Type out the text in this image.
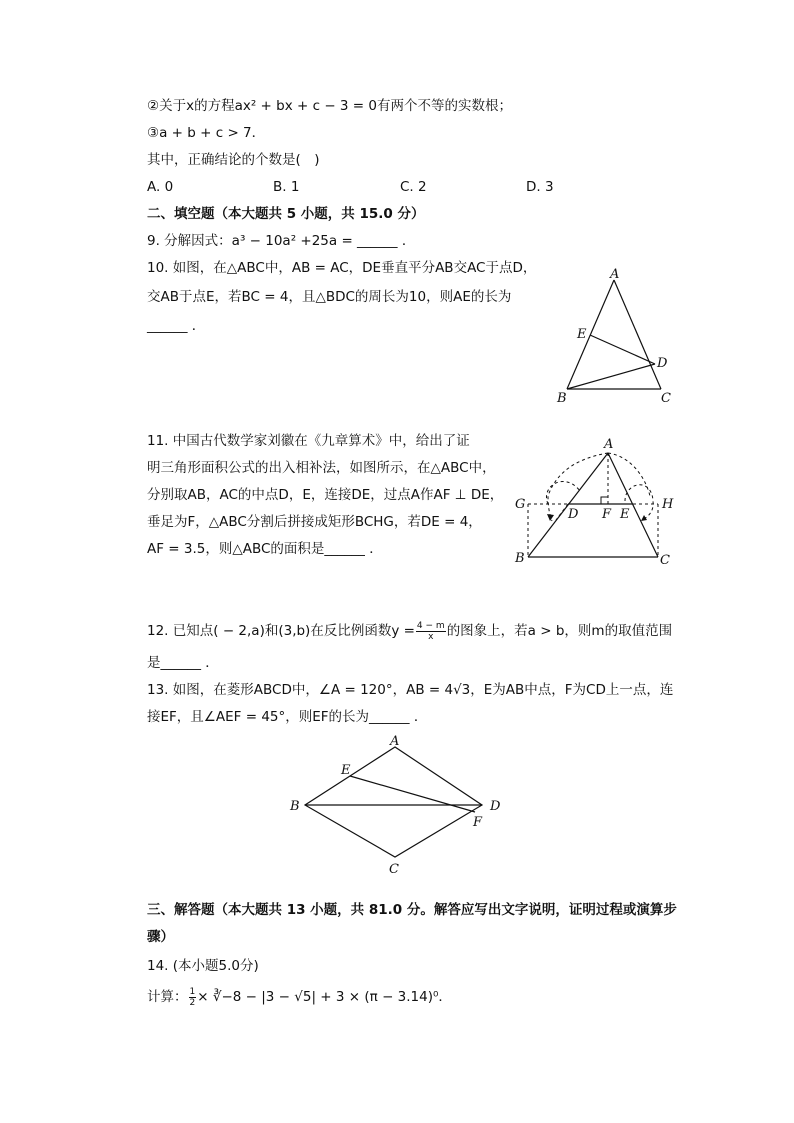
②关于x的方程ax² + bx + c − 3 = 0有两个不等的实数根；
③a + b + c > 7．
其中，正确结论的个数是(　)
A. 0	B. 1	C. 2	D. 3
二、填空题（本大题共 5 小题，共 15.0 分）
9. 分解因式：a³ − 10a² +25a = ______ ．
10. 如图，在△ABC中，AB = AC，DE垂直平分AB交AC于点D，
交AB于点E，若BC = 4，且△BDC的周长为10，则AE的长为
______ ．
A
E
D
B	C
11. 中国古代数学家刘徽在《九章算术》中，给出了证
明三角形面积公式的出入相补法，如图所示，在△ABC中，
分别取AB，AC的中点D，E，连接DE，过点A作AF ⊥ DE，
垂足为F，△ABC分割后拼接成矩形BCHG，若DE = 4，
AF = 3.5，则△ABC的面积是______ ．
A
G
D F E
H
B	C
12. 已知点( − 2,a)和(3,b)在反比例函数$y = \frac{4 - m}{x}$ 的图象上，若a > b，则m的取值范围
是______ ．
13. 如图，在菱形ABCD中，∠A = 120°，AB = 4√3，E为AB中点，F为CD上一点，连
接EF，且∠AEF = 45°，则EF的长为______ ．
A
E
B	D
F
C
三、解答题（本大题共 13 小题，共 81.0 分。解答应写出文字说明，证明过程或演算步
骤）
14. (本小题5.0分)
计算： $\frac{1}{2}$ × ∛−8 − |3 − √5| + 3 × (π − 3.14)⁰．
